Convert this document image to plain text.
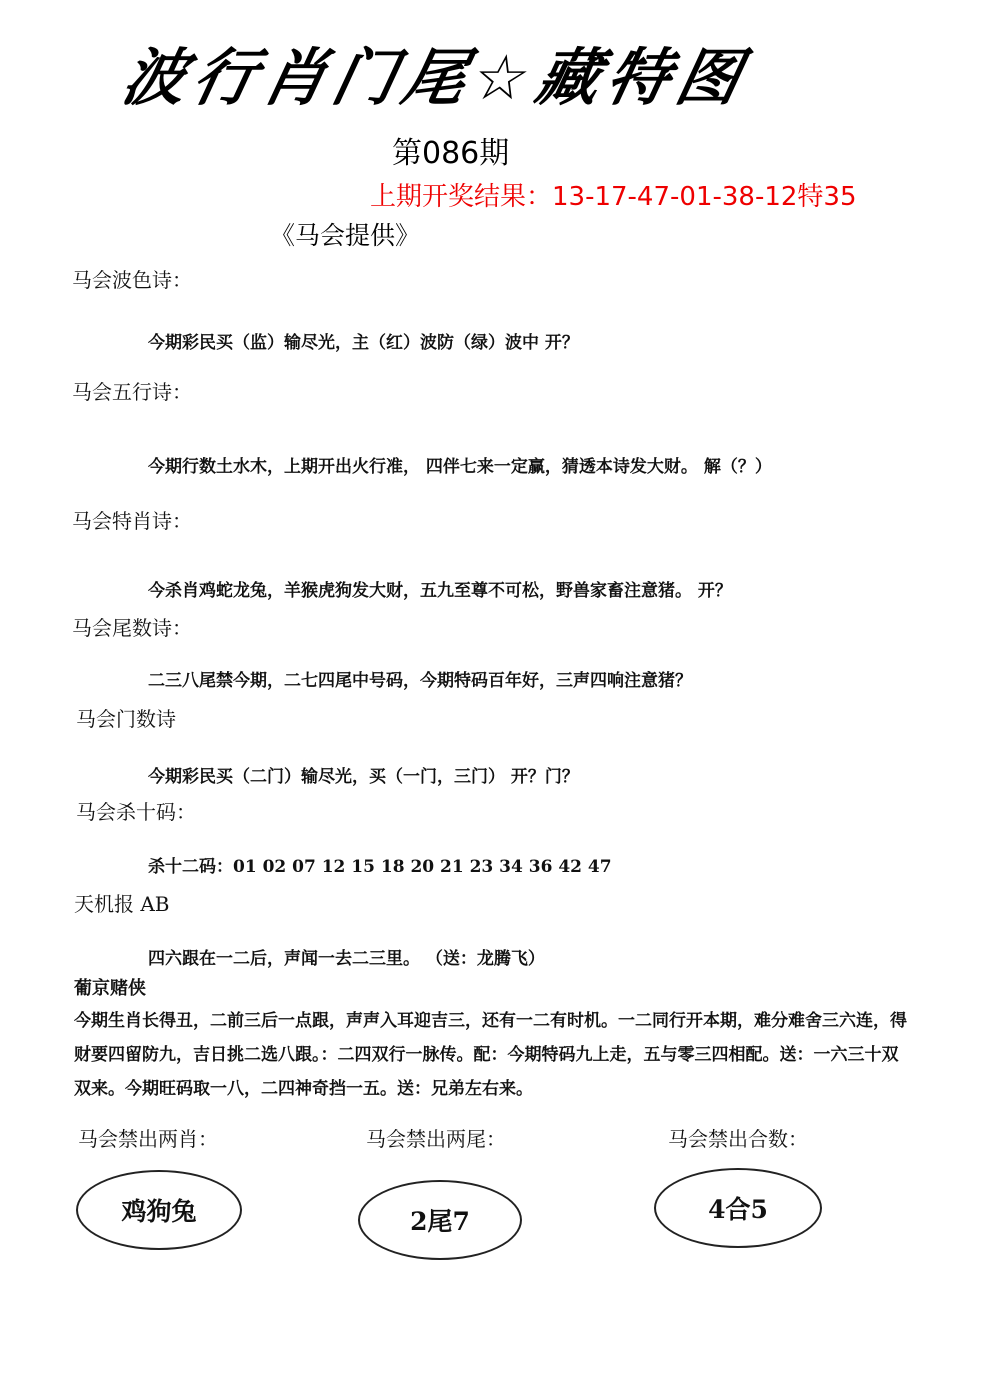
波行肖门尾☆藏特图
第086期
上期开奖结果：13-17-47-01-38-12特35
《马会提供》
马会波色诗：
今期彩民买（监）输尽光，主（红）波防（绿）波中 开？
马会五行诗：
今期行数土水木，上期开出火行准， 四伴七来一定赢，猜透本诗发大财。 解（？）
马会特肖诗：
今杀肖鸡蛇龙兔，羊猴虎狗发大财，五九至尊不可松，野兽家畜注意猪。 开？
马会尾数诗：
二三八尾禁今期，二七四尾中号码，今期特码百年好，三声四响注意猪？
马会门数诗
今期彩民买（二门）输尽光，买（一门，三门） 开？门？
马会杀十码：
杀十二码：01 02 07 12 15 18 20 21 23 34 36 42 47
天机报 AB
四六跟在一二后，声闻一去二三里。 （送：龙腾飞）
葡京赌侠
今期生肖长得丑，二前三后一点跟，声声入耳迎吉三，还有一二有时机。一二同行开本期，难分难舍三六连，得财要四留防九，吉日挑二选八跟。：二四双行一脉传。配：今期特码九上走，五与零三四相配。送：一六三十双双来。今期旺码取一八，二四神奇挡一五。送：兄弟左右来。
马会禁出两肖：	马会禁出两尾：	马会禁出合数：
鸡狗兔	2尾7	4合5
